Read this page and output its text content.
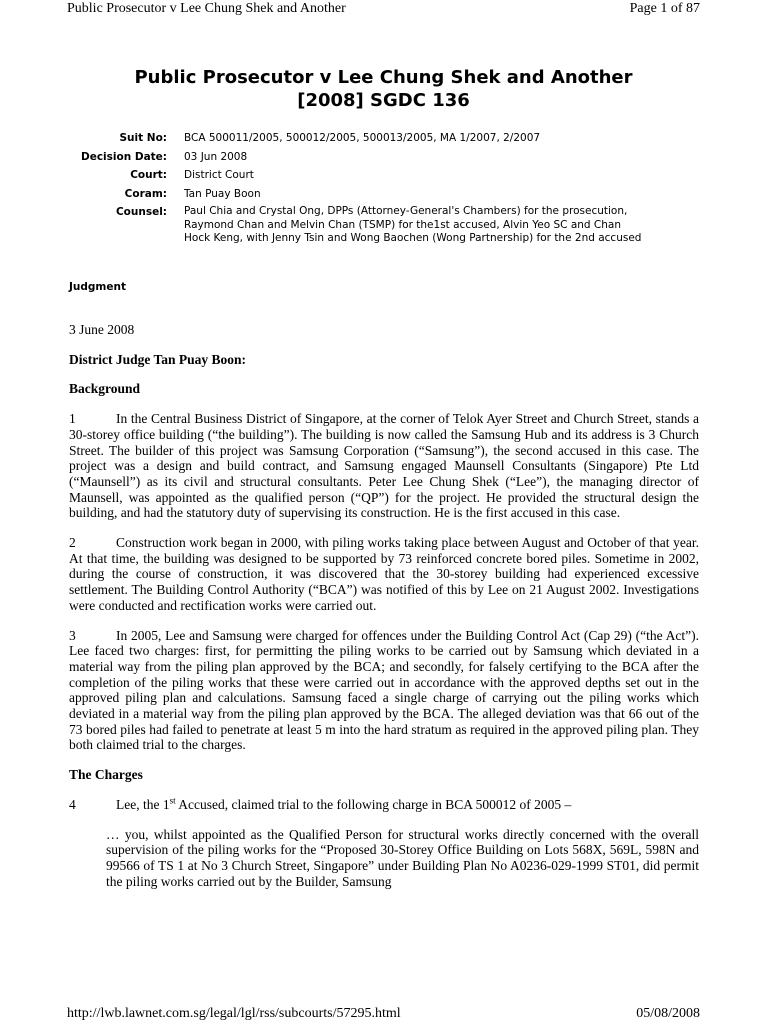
Public Prosecutor v Lee Chung Shek and Another	Page 1 of 87
Public Prosecutor v Lee Chung Shek and Another
[2008] SGDC 136
Suit No: BCA 500011/2005, 500012/2005, 500013/2005, MA 1/2007, 2/2007
Decision Date: 03 Jun 2008
Court: District Court
Coram: Tan Puay Boon
Counsel: Paul Chia and Crystal Ong, DPPs (Attorney-General's Chambers) for the prosecution,
Raymond Chan and Melvin Chan (TSMP) for the1st accused, Alvin Yeo SC and Chan
Hock Keng, with Jenny Tsin and Wong Baochen (Wong Partnership) for the 2nd accused
Judgment

3 June 2008

District Judge Tan Puay Boon:

Background

1	In the Central Business District of Singapore, at the corner of Telok Ayer Street and Church Street, stands a 30-storey office building (“the building”). The building is now called the Samsung Hub and its address is 3 Church Street. The builder of this project was Samsung Corporation (“Samsung”), the second accused in this case. The project was a design and build contract, and Samsung engaged Maunsell Consultants (Singapore) Pte Ltd (“Maunsell”) as its civil and structural consultants. Peter Lee Chung Shek (“Lee”), the managing director of Maunsell, was appointed as the qualified person (“QP”) for the project. He provided the structural design the building, and had the statutory duty of supervising its construction. He is the first accused in this case.

2	Construction work began in 2000, with piling works taking place between August and October of that year. At that time, the building was designed to be supported by 73 reinforced concrete bored piles. Sometime in 2002, during the course of construction, it was discovered that the 30-storey building had experienced excessive settlement. The Building Control Authority (“BCA”) was notified of this by Lee on 21 August 2002. Investigations were conducted and rectification works were carried out.

3	In 2005, Lee and Samsung were charged for offences under the Building Control Act (Cap 29) (“the Act”). Lee faced two charges: first, for permitting the piling works to be carried out by Samsung which deviated in a material way from the piling plan approved by the BCA; and secondly, for falsely certifying to the BCA after the completion of the piling works that these were carried out in accordance with the approved depths set out in the approved piling plan and calculations. Samsung faced a single charge of carrying out the piling works which deviated in a material way from the piling plan approved by the BCA. The alleged deviation was that 66 out of the 73 bored piles had failed to penetrate at least 5 m into the hard stratum as required in the approved piling plan. They both claimed trial to the charges.

The Charges

4	Lee, the 1st Accused, claimed trial to the following charge in BCA 500012 of 2005 –

… you, whilst appointed as the Qualified Person for structural works directly concerned with the overall supervision of the piling works for the “Proposed 30-Storey Office Building on Lots 568X, 569L, 598N and 99566 of TS 1 at No 3 Church Street, Singapore” under Building Plan No A0236-029-1999 ST01, did permit the piling works carried out by the Builder, Samsung

http://lwb.lawnet.com.sg/legal/lgl/rss/subcourts/57295.html	05/08/2008
